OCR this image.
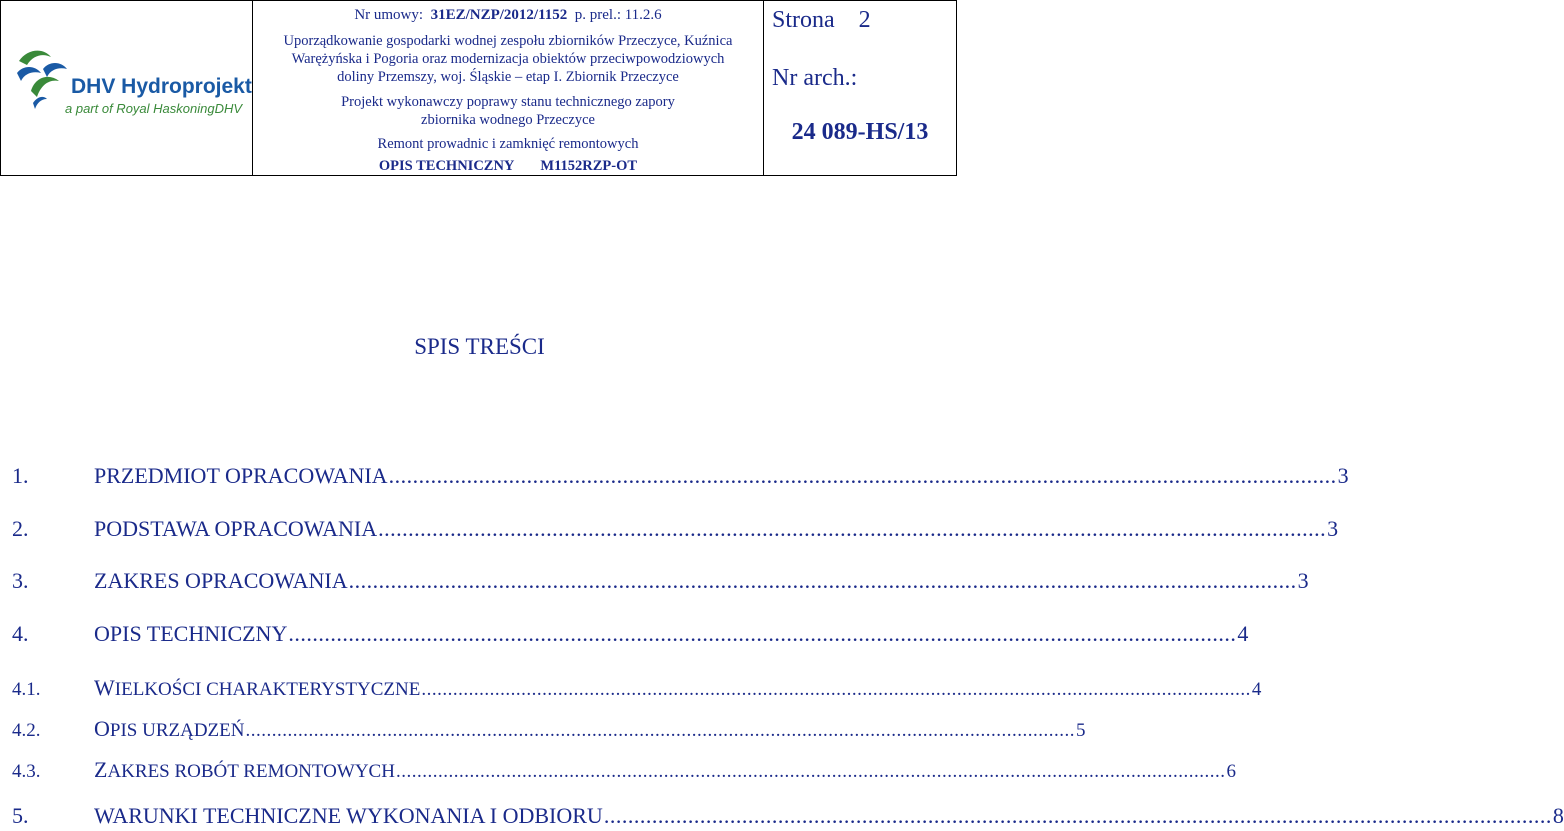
DHV Hydroprojekt
a part of Royal HaskoningDHV
Nr umowy: 31EZ/NZP/2012/1152 p. prel.: 11.2.6
Uporządkowanie gospodarki wodnej zespołu zbiorników Przeczyce, Kuźnica
Warężyńska i Pogoria oraz modernizacja obiektów przeciwpowodziowych
doliny Przemszy, woj. Śląskie – etap I. Zbiornik Przeczyce
Projekt wykonawczy poprawy stanu technicznego zapory
zbiornika wodnego Przeczyce
Remont prowadnic i zamknięć remontowych
OPIS TECHNICZNY M1152RZP-OT
Strona 2
Nr arch.:
24 089-HS/13
SPIS TREŚCI
1.	PRZEDMIOT OPRACOWANIA .............................................................................................................................................................. 3
2.	PODSTAWA OPRACOWANIA .............................................................................................................................................................. 3
3.	ZAKRES OPRACOWANIA .............................................................................................................................................................. 3
4.	OPIS TECHNICZNY .............................................................................................................................................................. 4
4.1.	WIELKOŚCI CHARAKTERYSTYCZNE .............................................................................................................................................................. 4
4.2.	OPIS URZĄDZEŃ .............................................................................................................................................................. 5
4.3.	ZAKRES ROBÓT REMONTOWYCH .............................................................................................................................................................. 6
5.	WARUNKI TECHNICZNE WYKONANIA I ODBIORU .............................................................................................................................................................. 8
